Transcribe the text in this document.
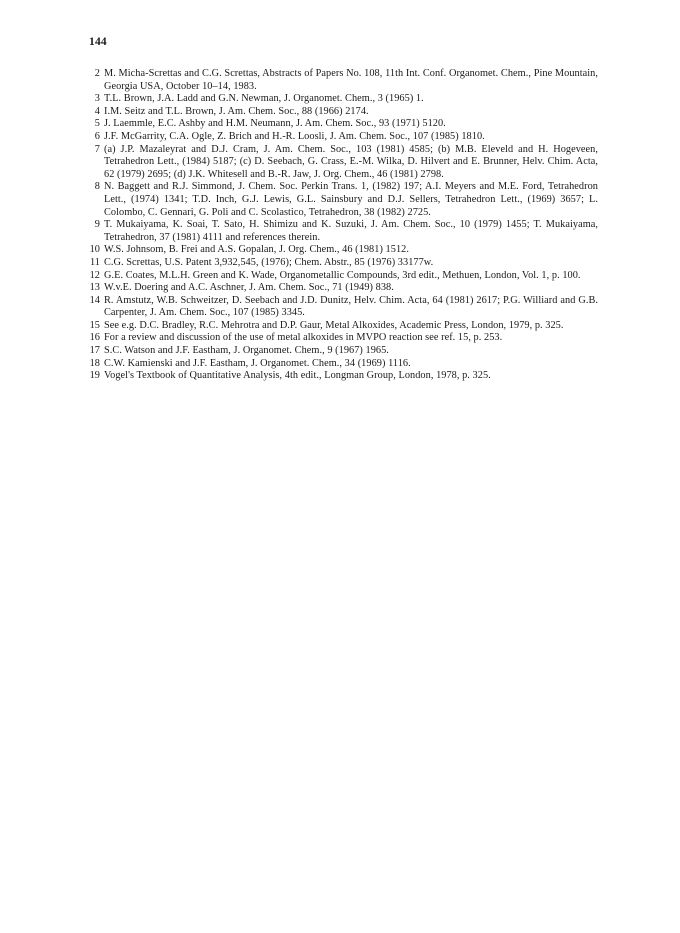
144
2 M. Micha-Screttas and C.G. Screttas, Abstracts of Papers No. 108, 11th Int. Conf. Organomet. Chem., Pine Mountain, Georgia USA, October 10–14, 1983.
3 T.L. Brown, J.A. Ladd and G.N. Newman, J. Organomet. Chem., 3 (1965) 1.
4 I.M. Seitz and T.L. Brown, J. Am. Chem. Soc., 88 (1966) 2174.
5 J. Laemmle, E.C. Ashby and H.M. Neumann, J. Am. Chem. Soc., 93 (1971) 5120.
6 J.F. McGarrity, C.A. Ogle, Z. Brich and H.-R. Loosli, J. Am. Chem. Soc., 107 (1985) 1810.
7 (a) J.P. Mazaleyrat and D.J. Cram, J. Am. Chem. Soc., 103 (1981) 4585; (b) M.B. Eleveld and H. Hogeveen, Tetrahedron Lett., (1984) 5187; (c) D. Seebach, G. Crass, E.-M. Wilka, D. Hilvert and E. Brunner, Helv. Chim. Acta, 62 (1979) 2695; (d) J.K. Whitesell and B.-R. Jaw, J. Org. Chem., 46 (1981) 2798.
8 N. Baggett and R.J. Simmond, J. Chem. Soc. Perkin Trans. 1, (1982) 197; A.I. Meyers and M.E. Ford, Tetrahedron Lett., (1974) 1341; T.D. Inch, G.J. Lewis, G.L. Sainsbury and D.J. Sellers, Tetrahedron Lett., (1969) 3657; L. Colombo, C. Gennari, G. Poli and C. Scolastico, Tetrahedron, 38 (1982) 2725.
9 T. Mukaiyama, K. Soai, T. Sato, H. Shimizu and K. Suzuki, J. Am. Chem. Soc., 10 (1979) 1455; T. Mukaiyama, Tetrahedron, 37 (1981) 4111 and references therein.
10 W.S. Johnsom, B. Frei and A.S. Gopalan, J. Org. Chem., 46 (1981) 1512.
11 C.G. Screttas, U.S. Patent 3,932,545, (1976); Chem. Abstr., 85 (1976) 33177w.
12 G.E. Coates, M.L.H. Green and K. Wade, Organometallic Compounds, 3rd edit., Methuen, London, Vol. 1, p. 100.
13 W.v.E. Doering and A.C. Aschner, J. Am. Chem. Soc., 71 (1949) 838.
14 R. Amstutz, W.B. Schweitzer, D. Seebach and J.D. Dunitz, Helv. Chim. Acta, 64 (1981) 2617; P.G. Williard and G.B. Carpenter, J. Am. Chem. Soc., 107 (1985) 3345.
15 See e.g. D.C. Bradley, R.C. Mehrotra and D.P. Gaur, Metal Alkoxides, Academic Press, London, 1979, p. 325.
16 For a review and discussion of the use of metal alkoxides in MVPO reaction see ref. 15, p. 253.
17 S.C. Watson and J.F. Eastham, J. Organomet. Chem., 9 (1967) 1965.
18 C.W. Kamienski and J.F. Eastham, J. Organomet. Chem., 34 (1969) 1116.
19 Vogel's Textbook of Quantitative Analysis, 4th edit., Longman Group, London, 1978, p. 325.
